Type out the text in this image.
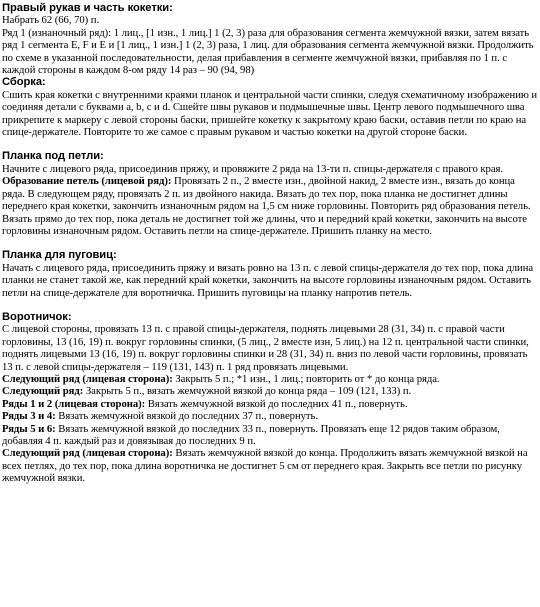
Правый рукав и часть кокетки:

Набрать 62 (66, 70) п.

Ряд 1 (изнаночный ряд): 1 лиц., [1 изн., 1 лиц.] 1 (2, 3) раза для образования сегмента жемчужной вязки, затем вязать ряд 1 сегмента E, F и E и [1 лиц., 1 изн.] 1 (2, 3) раза, 1 лиц. для образования сегмента жемчужной вязки. Продолжить по схеме в указанной последовательности, делая прибавления в сегменте жемчужной вязки, прибавляя по 1 п. с каждой стороны в каждом 8-ом ряду 14 раз – 90 (94, 98)

Сборка:

Сшить края кокетки с внутренними краями планок и центральной части спинки, следуя схематичному изображению и соединяя детали с буквами а, b, c и d. Сшейте швы рукавов и подмышечные швы. Центр левого подмышечного шва прикрепите к маркеру с левой стороны баски, пришейте кокетку к закрытому краю баски, оставив петли по краю на спице-держателе. Повторите то же самое с правым рукавом и частью кокетки на другой стороне баски.

Планка под петли:

Начните с лицевого ряда, присоединив пряжу, и провяжите 2 ряда на 13-ти п. спицы-держателя с правого края.

Образование петель (лицевой ряд): Провязать 2 п., 2 вместе изн., двойной накид, 2 вместе изн., вязать до конца ряда. В следующем ряду, провязать 2 п. из двойного накида. Вязать до тех пор, пока планка не достигнет длины переднего края кокетки, закончить изнаночным рядом на 1,5 см ниже горловины. Повторить ряд образования петель. Вязать прямо до тех пор, пока деталь не достигнет той же длины, что и передний край кокетки, закончить на высоте горловины изнаночным рядом. Оставить петли на спице-держателе. Пришить планку на место.

Планка для пуговиц:

Начать с лицевого ряда, присоединить пряжу и вязать ровно на 13 п. с левой спицы-держателя до тех пор, пока длина планки не станет такой же, как передний край кокетки, закончить на высоте горловины изнаночным рядом. Оставить петли на спице-держателе для воротничка. Пришить пуговицы на планку напротив петель.

Воротничок:

С лицевой стороны, провязать 13 п. с правой спицы-держателя, поднять лицевыми 28 (31, 34) п. с правой части горловины, 13 (16, 19) п. вокруг горловины спинки, (5 лиц., 2 вместе изн, 5 лиц.) на 12 п. центральной части спинки, поднять лицевыми 13 (16, 19) п. вокруг горловины спинки и 28 (31, 34) п. вниз по левой части горловины, провязать 13 п. с левой спицы-держателя – 119 (131, 143) п. 1 ряд провязать лицевыми.

Следующий ряд (лицевая сторона): Закрыть 5 п.; *1 изн., 1 лиц.; повторить от * до конца ряда.

Следующий ряд: Закрыть 5 п., вязать жемчужной вязкой до конца ряда – 109 (121, 133) п.

Ряды 1 и 2 (лицевая сторона): Вязать жемчужной вязкой до последних 41 п., повернуть.

Ряды 3 и 4: Вязать жемчужной вязкой до последних 37 п., повернуть.

Ряды 5 и 6: Вязать жемчужной вязкой до последних 33 п., повернуть. Провязать еще 12 рядов таким образом, добавляя 4 п. каждый раз и довязывая до последних 9 п.

Следующий ряд (лицевая сторона): Вязать жемчужной вязкой до конца. Продолжить вязать жемчужной вязкой на всех петлях, до тех пор, пока длина воротничка не достигнет 5 см от переднего края. Закрыть все петли по рисунку жемчужной вязки.
